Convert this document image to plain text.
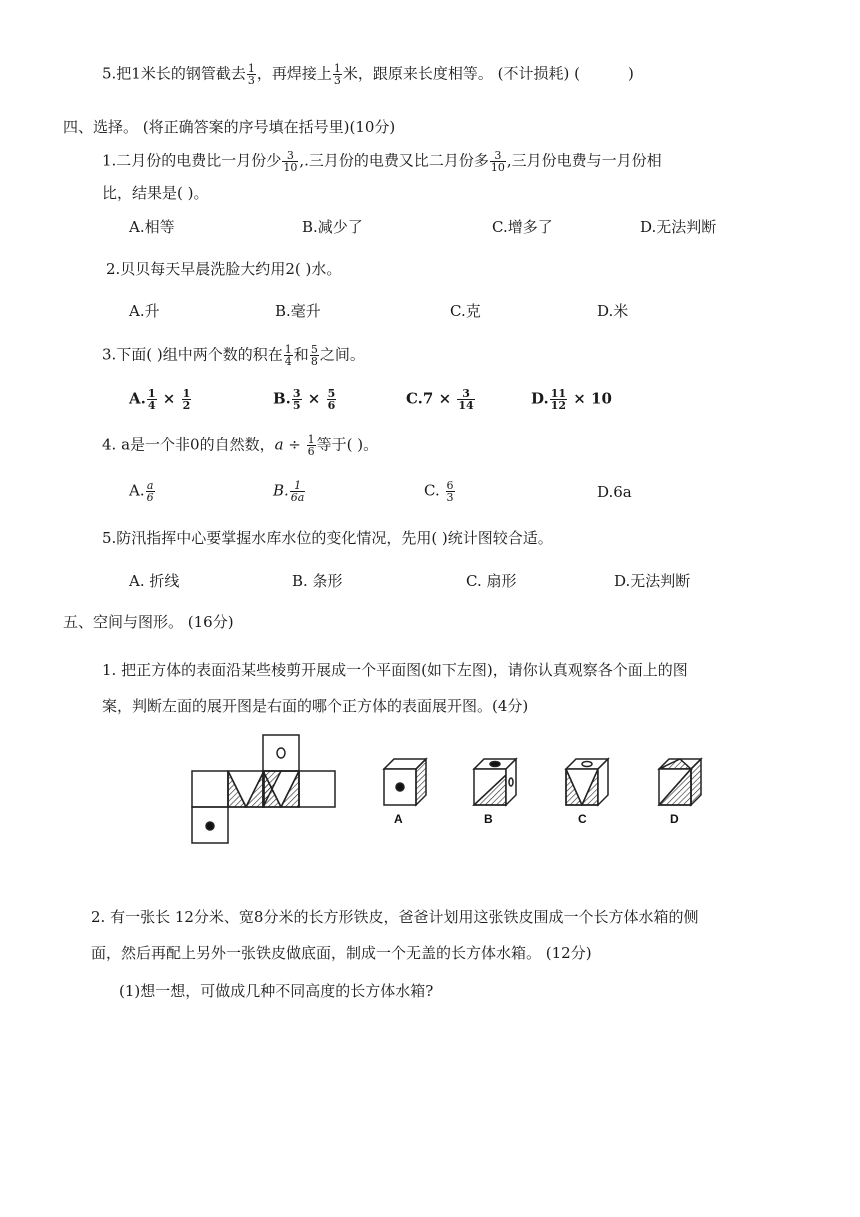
5.把1米长的钢管截去 $\frac{1}{3}$ ，再焊接上 $\frac{1}{3}$ 米，跟原来长度相等。 (不计损耗) (	)
四、选择。 (将正确答案的序号填在括号里)(10分)
1.二月份的电费比一月份少 $\frac{3}{10}$ ,.三月份的电费又比二月份多 $\frac{3}{10}$ ,三月份电费与一月份相
比，结果是( )。
A.相等	B.减少了	C.增多了	D.无法判断
2.贝贝每天早晨洗脸大约用2( )水。
A.升	B.毫升	C.克	D.米
3.下面( )组中两个数的积在 $\frac{1}{4}$ 和 $\frac{5}{8}$ 之间。
A. $\frac{1}{4} \times \frac{1}{2}$	B. $\frac{3}{5} \times \frac{5}{6}$	$C.7 \times \frac{3}{14}$	D. $\frac{11}{12} \times 10$
4. a是一个非0的自然数，$a \div \frac{1}{6}$ 等于( )。
A. $\frac{a}{6}$	B. $\frac{1}{6a}$	C. $\frac{6}{3}$	D.6a
5.防汛指挥中心要掌握水库水位的变化情况，先用( )统计图较合适。
A. 折线	B. 条形	C. 扇形	D.无法判断
五、空间与图形。 (16分)
1. 把正方体的表面沿某些棱剪开展成一个平面图(如下左图)，请你认真观察各个面上的图
案，判断左面的展开图是右面的哪个正方体的表面展开图。(4分)
A	B	C	D
2. 有一张长 12分米、宽8分米的长方形铁皮，爸爸计划用这张铁皮围成一个长方体水箱的侧
面，然后再配上另外一张铁皮做底面，制成一个无盖的长方体水箱。 (12分)
(1)想一想，可做成几种不同高度的长方体水箱?
